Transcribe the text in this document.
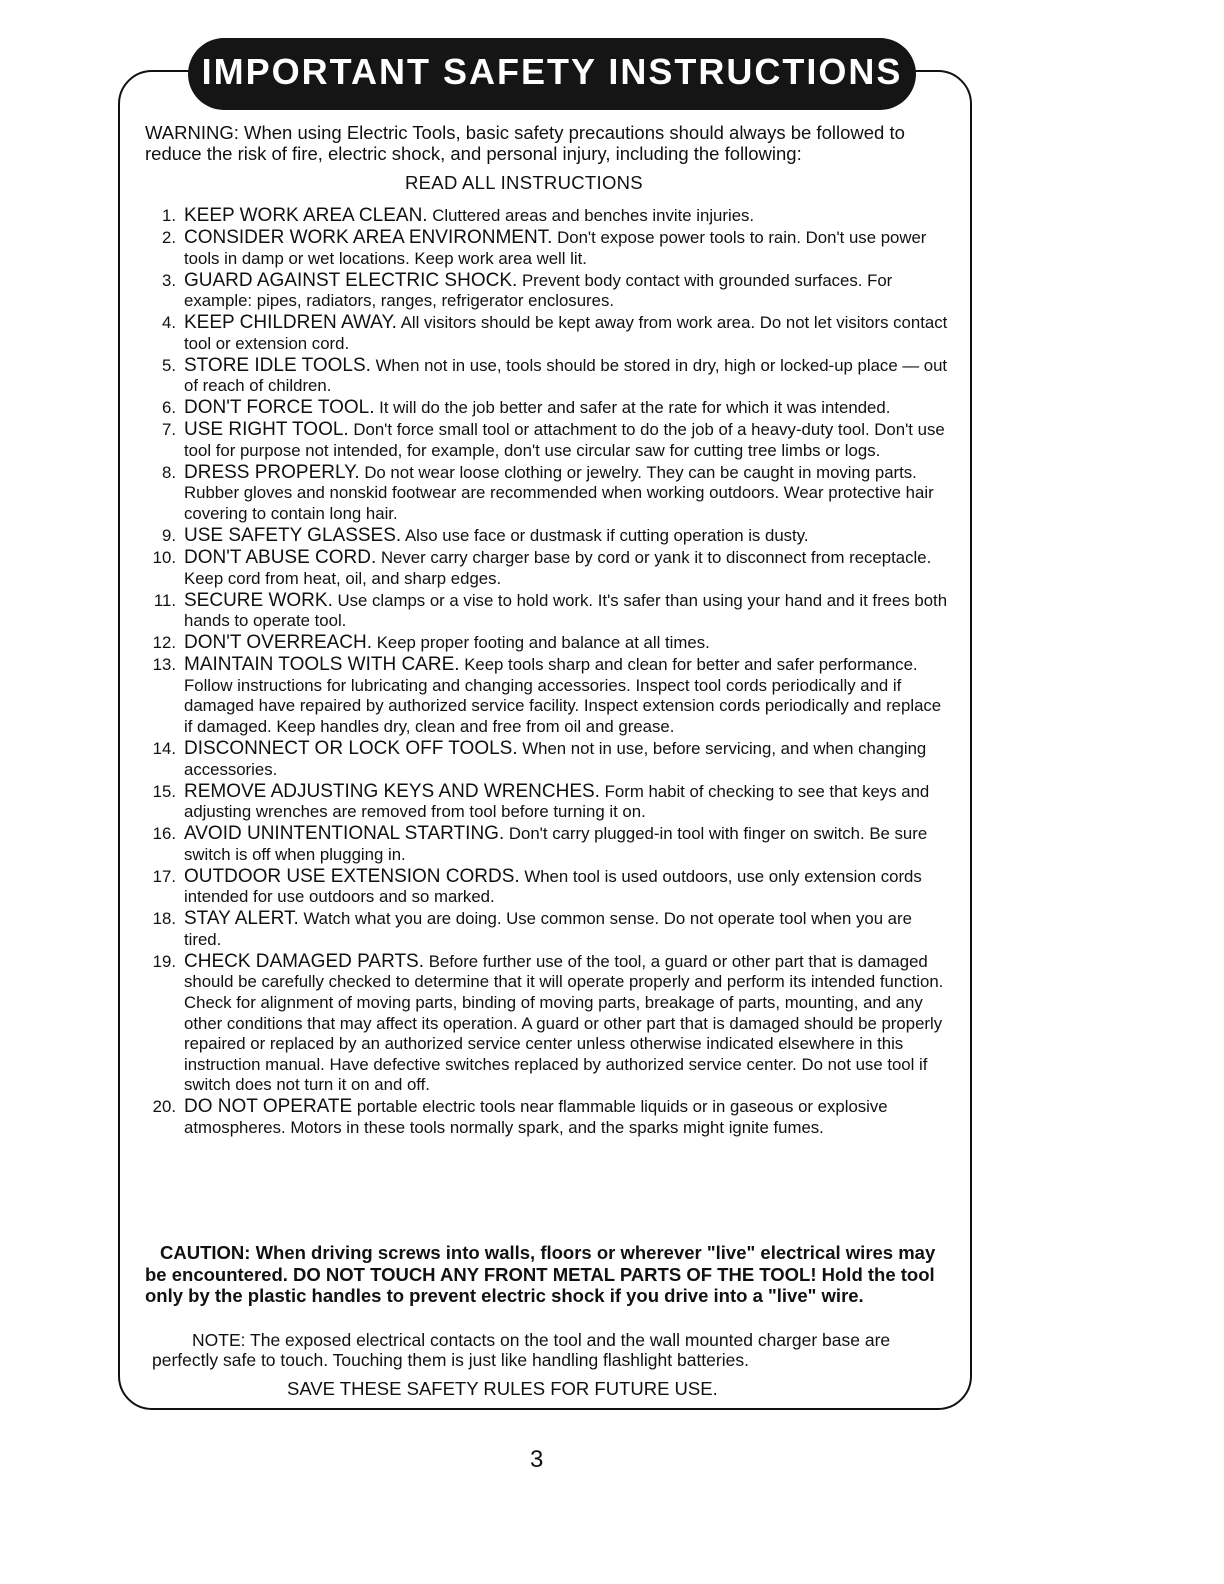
IMPORTANT SAFETY INSTRUCTIONS
WARNING: When using Electric Tools, basic safety precautions should always be followed to reduce the risk of fire, electric shock, and personal injury, including the following:
READ ALL INSTRUCTIONS
1. KEEP WORK AREA CLEAN. Cluttered areas and benches invite injuries.
2. CONSIDER WORK AREA ENVIRONMENT. Don't expose power tools to rain. Don't use power tools in damp or wet locations. Keep work area well lit.
3. GUARD AGAINST ELECTRIC SHOCK. Prevent body contact with grounded surfaces. For example: pipes, radiators, ranges, refrigerator enclosures.
4. KEEP CHILDREN AWAY. All visitors should be kept away from work area. Do not let visitors contact tool or extension cord.
5. STORE IDLE TOOLS. When not in use, tools should be stored in dry, high or locked-up place — out of reach of children.
6. DON'T FORCE TOOL. It will do the job better and safer at the rate for which it was intended.
7. USE RIGHT TOOL. Don't force small tool or attachment to do the job of a heavy-duty tool. Don't use tool for purpose not intended, for example, don't use circular saw for cutting tree limbs or logs.
8. DRESS PROPERLY. Do not wear loose clothing or jewelry. They can be caught in moving parts. Rubber gloves and nonskid footwear are recommended when working outdoors. Wear protective hair covering to contain long hair.
9. USE SAFETY GLASSES. Also use face or dustmask if cutting operation is dusty.
10. DON'T ABUSE CORD. Never carry charger base by cord or yank it to disconnect from receptacle. Keep cord from heat, oil, and sharp edges.
11. SECURE WORK. Use clamps or a vise to hold work. It's safer than using your hand and it frees both hands to operate tool.
12. DON'T OVERREACH. Keep proper footing and balance at all times.
13. MAINTAIN TOOLS WITH CARE. Keep tools sharp and clean for better and safer performance. Follow instructions for lubricating and changing accessories. Inspect tool cords periodically and if damaged have repaired by authorized service facility. Inspect extension cords periodically and replace if damaged. Keep handles dry, clean and free from oil and grease.
14. DISCONNECT OR LOCK OFF TOOLS. When not in use, before servicing, and when changing accessories.
15. REMOVE ADJUSTING KEYS AND WRENCHES. Form habit of checking to see that keys and adjusting wrenches are removed from tool before turning it on.
16. AVOID UNINTENTIONAL STARTING. Don't carry plugged-in tool with finger on switch. Be sure switch is off when plugging in.
17. OUTDOOR USE EXTENSION CORDS. When tool is used outdoors, use only extension cords intended for use outdoors and so marked.
18. STAY ALERT. Watch what you are doing. Use common sense. Do not operate tool when you are tired.
19. CHECK DAMAGED PARTS. Before further use of the tool, a guard or other part that is damaged should be carefully checked to determine that it will operate properly and perform its intended function. Check for alignment of moving parts, binding of moving parts, breakage of parts, mounting, and any other conditions that may affect its operation. A guard or other part that is damaged should be properly repaired or replaced by an authorized service center unless otherwise indicated elsewhere in this instruction manual. Have defective switches replaced by authorized service center. Do not use tool if switch does not turn it on and off.
20. DO NOT OPERATE portable electric tools near flammable liquids or in gaseous or explosive atmospheres. Motors in these tools normally spark, and the sparks might ignite fumes.
CAUTION: When driving screws into walls, floors or wherever "live" electrical wires may be encountered. DO NOT TOUCH ANY FRONT METAL PARTS OF THE TOOL! Hold the tool only by the plastic handles to prevent electric shock if you drive into a "live" wire.
NOTE: The exposed electrical contacts on the tool and the wall mounted charger base are perfectly safe to touch. Touching them is just like handling flashlight batteries.
SAVE THESE SAFETY RULES FOR FUTURE USE.
3
